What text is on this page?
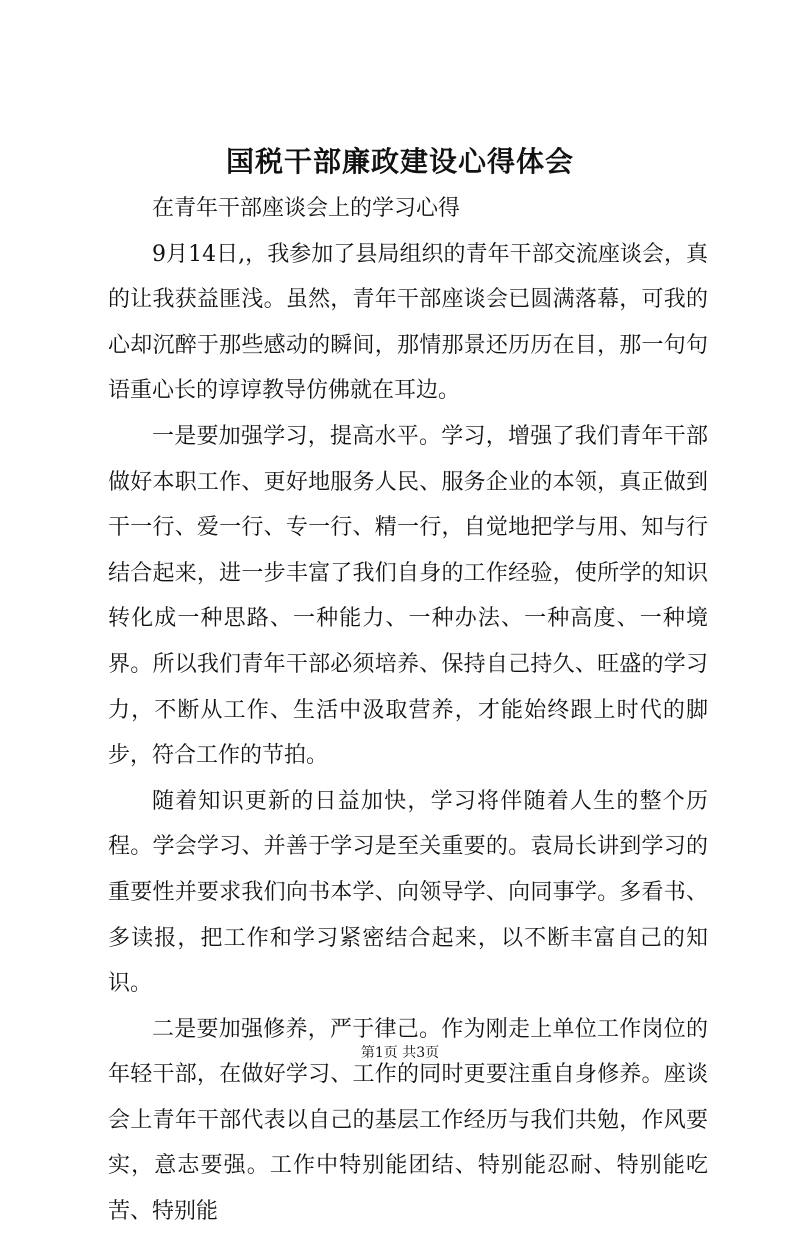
国税干部廉政建设心得体会

在青年干部座谈会上的学习心得

9月14日,，我参加了县局组织的青年干部交流座谈会，真的让我获益匪浅。虽然，青年干部座谈会已圆满落幕，可我的心却沉醉于那些感动的瞬间，那情那景还历历在目，那一句句语重心长的谆谆教导仿佛就在耳边。

一是要加强学习，提高水平。学习，增强了我们青年干部做好本职工作、更好地服务人民、服务企业的本领，真正做到干一行、爱一行、专一行、精一行，自觉地把学与用、知与行结合起来，进一步丰富了我们自身的工作经验，使所学的知识转化成一种思路、一种能力、一种办法、一种高度、一种境界。所以我们青年干部必须培养、保持自己持久、旺盛的学习力，不断从工作、生活中汲取营养，才能始终跟上时代的脚步，符合工作的节拍。

随着知识更新的日益加快，学习将伴随着人生的整个历程。学会学习、并善于学习是至关重要的。袁局长讲到学习的重要性并要求我们向书本学、向领导学、向同事学。多看书、多读报，把工作和学习紧密结合起来，以不断丰富自己的知识。

二是要加强修养，严于律己。作为刚走上单位工作岗位的年轻干部，在做好学习、工作的同时更要注重自身修养。座谈会上青年干部代表以自己的基层工作经历与我们共勉，作风要实，意志要强。工作中特别能团结、特别能忍耐、特别能吃苦、特别能

第1页 共3页
